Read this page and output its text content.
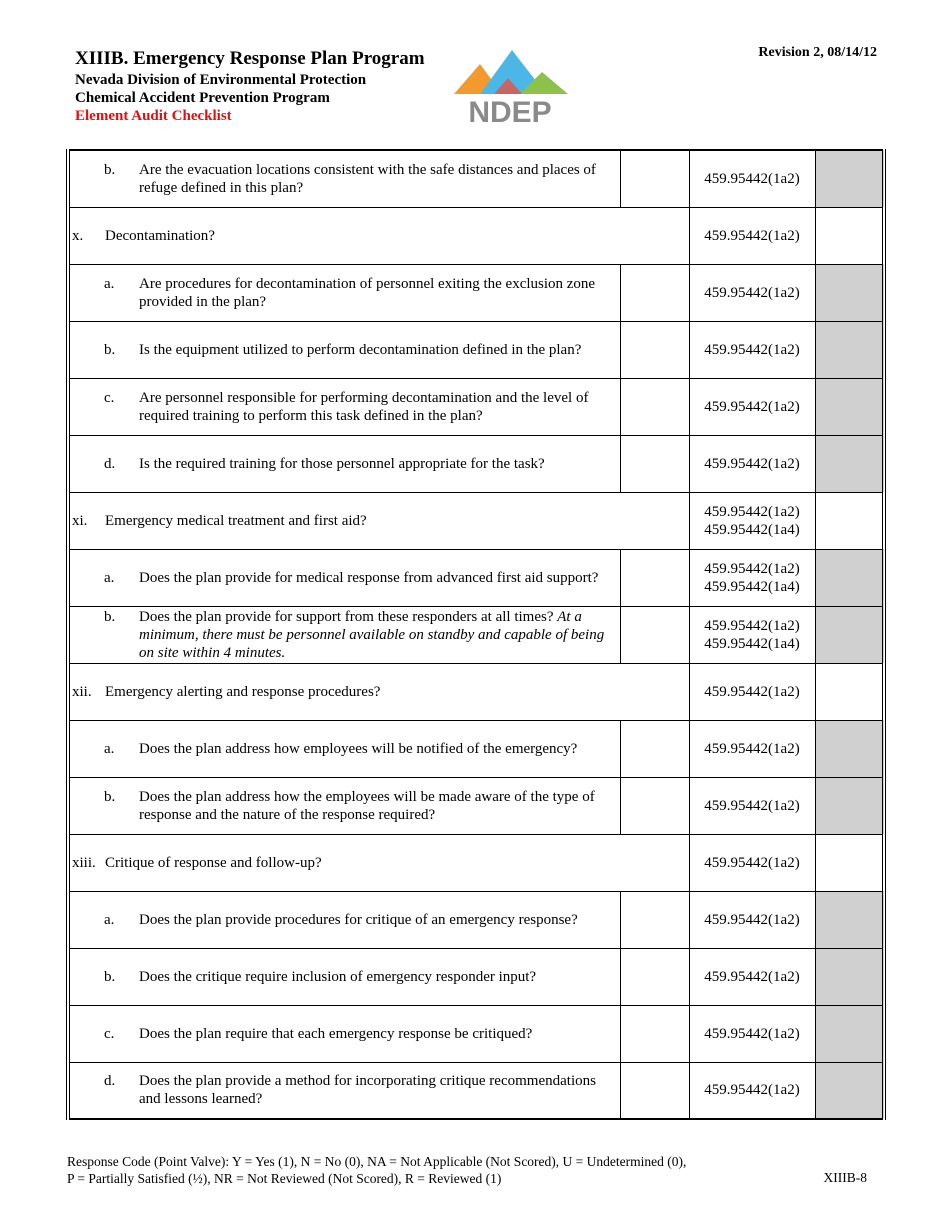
XIIIB. Emergency Response Plan Program
Nevada Division of Environmental Protection
Chemical Accident Prevention Program
Element Audit Checklist
Revision 2, 08/14/12
NDEP
b. Are the evacuation locations consistent with the safe distances and places of refuge defined in this plan?		459.95442(1a2)	

x. Decontamination?		459.95442(1a2)	

a. Are procedures for decontamination of personnel exiting the exclusion zone provided in the plan?		459.95442(1a2)	

b. Is the equipment utilized to perform decontamination defined in the plan?		459.95442(1a2)	

c. Are personnel responsible for performing decontamination and the level of required training to perform this task defined in the plan?		459.95442(1a2)	

d. Is the required training for those personnel appropriate for the task?		459.95442(1a2)	

xi. Emergency medical treatment and first aid?		459.95442(1a2)
459.95442(1a4)	

a. Does the plan provide for medical response from advanced first aid support?		459.95442(1a2)
459.95442(1a4)	

b. Does the plan provide for support from these responders at all times? At a minimum, there must be personnel available on standby and capable of being on site within 4 minutes.		459.95442(1a2)
459.95442(1a4)	

xii. Emergency alerting and response procedures?		459.95442(1a2)	

a. Does the plan address how employees will be notified of the emergency?		459.95442(1a2)	

b. Does the plan address how the employees will be made aware of the type of response and the nature of the response required?		459.95442(1a2)	

xiii. Critique of response and follow-up?		459.95442(1a2)	

a. Does the plan provide procedures for critique of an emergency response?		459.95442(1a2)	

b. Does the critique require inclusion of emergency responder input?		459.95442(1a2)	

c. Does the plan require that each emergency response be critiqued?		459.95442(1a2)	

d. Does the plan provide a method for incorporating critique recommendations and lessons learned?		459.95442(1a2)	
Response Code (Point Valve): Y = Yes (1), N = No (0), NA = Not Applicable (Not Scored), U = Undetermined (0),
P = Partially Satisfied (½), NR = Not Reviewed (Not Scored), R = Reviewed (1)	XIIIB-8
